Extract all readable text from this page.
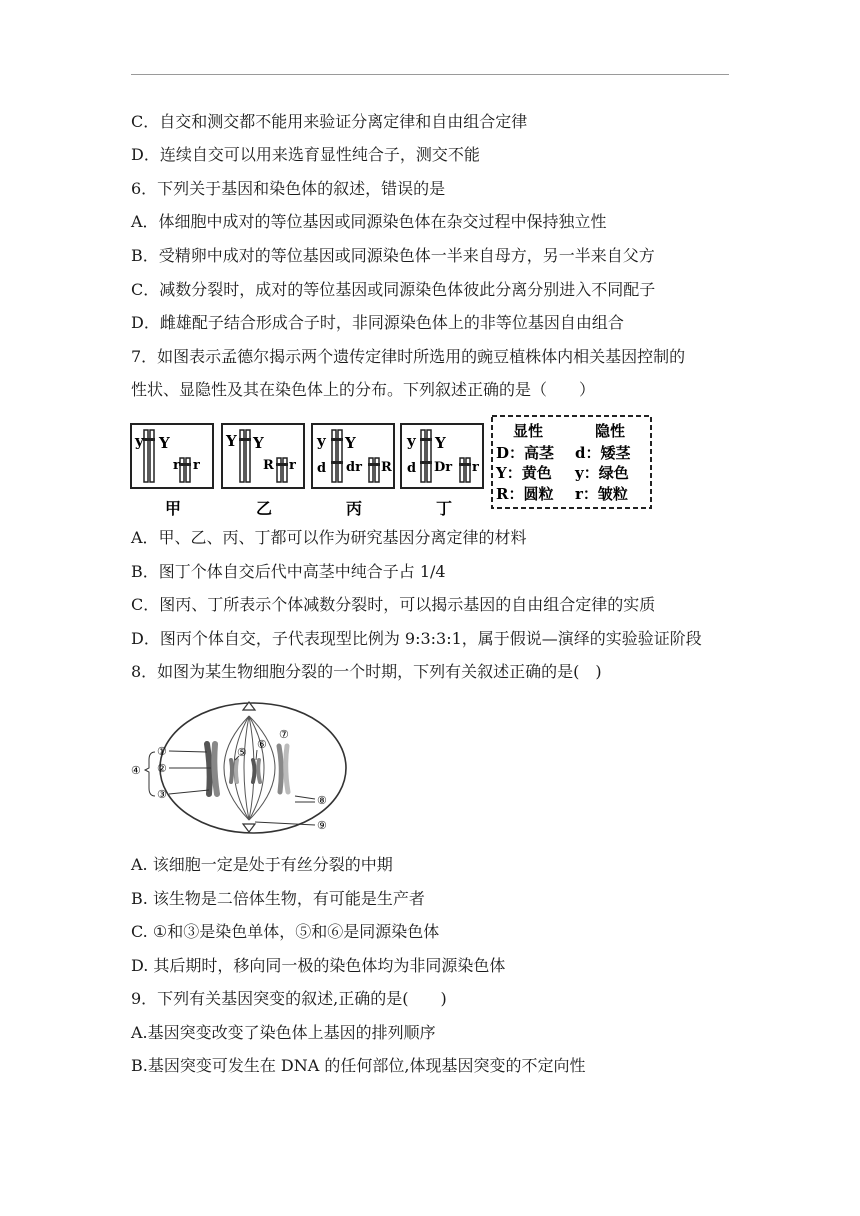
C．自交和测交都不能用来验证分离定律和自由组合定律
D．连续自交可以用来选育显性纯合子，测交不能
6．下列关于基因和染色体的叙述，错误的是
A．体细胞中成对的等位基因或同源染色体在杂交过程中保持独立性
B．受精卵中成对的等位基因或同源染色体一半来自母方，另一半来自父方
C．减数分裂时，成对的等位基因或同源染色体彼此分离分别进入不同配子
D．雌雄配子结合形成合子时，非同源染色体上的非等位基因自由组合
7．如图表示孟德尔揭示两个遗传定律时所选用的豌豆植株体内相关基因控制的
性状、显隐性及其在染色体上的分布。下列叙述正确的是（　　）
y Y
r r
甲
Y Y
R r
乙
y Y
d dr R
丙
y Y
d Dr r
丁
显性	隐性
D：高茎 d：矮茎
Y：黄色 y：绿色
R：圆粒 r：皱粒
A．甲、乙、丙、丁都可以作为研究基因分离定律的材料
B．图丁个体自交后代中高茎中纯合子占 1/4
C．图丙、丁所表示个体减数分裂时，可以揭示基因的自由组合定律的实质
D．图丙个体自交，子代表现型比例为 9:3:3:1，属于假说—演绎的实验验证阶段
8．如图为某生物细胞分裂的一个时期，下列有关叙述正确的是(　)
①
②
③
④
⑤
⑥
⑦
⑧
⑨
A. 该细胞一定是处于有丝分裂的中期
B. 该生物是二倍体生物，有可能是生产者
C. ①和③是染色单体，⑤和⑥是同源染色体
D. 其后期时，移向同一极的染色体均为非同源染色体
9．下列有关基因突变的叙述,正确的是(　　)
A.基因突变改变了染色体上基因的排列顺序
B.基因突变可发生在 DNA 的任何部位,体现基因突变的不定向性
